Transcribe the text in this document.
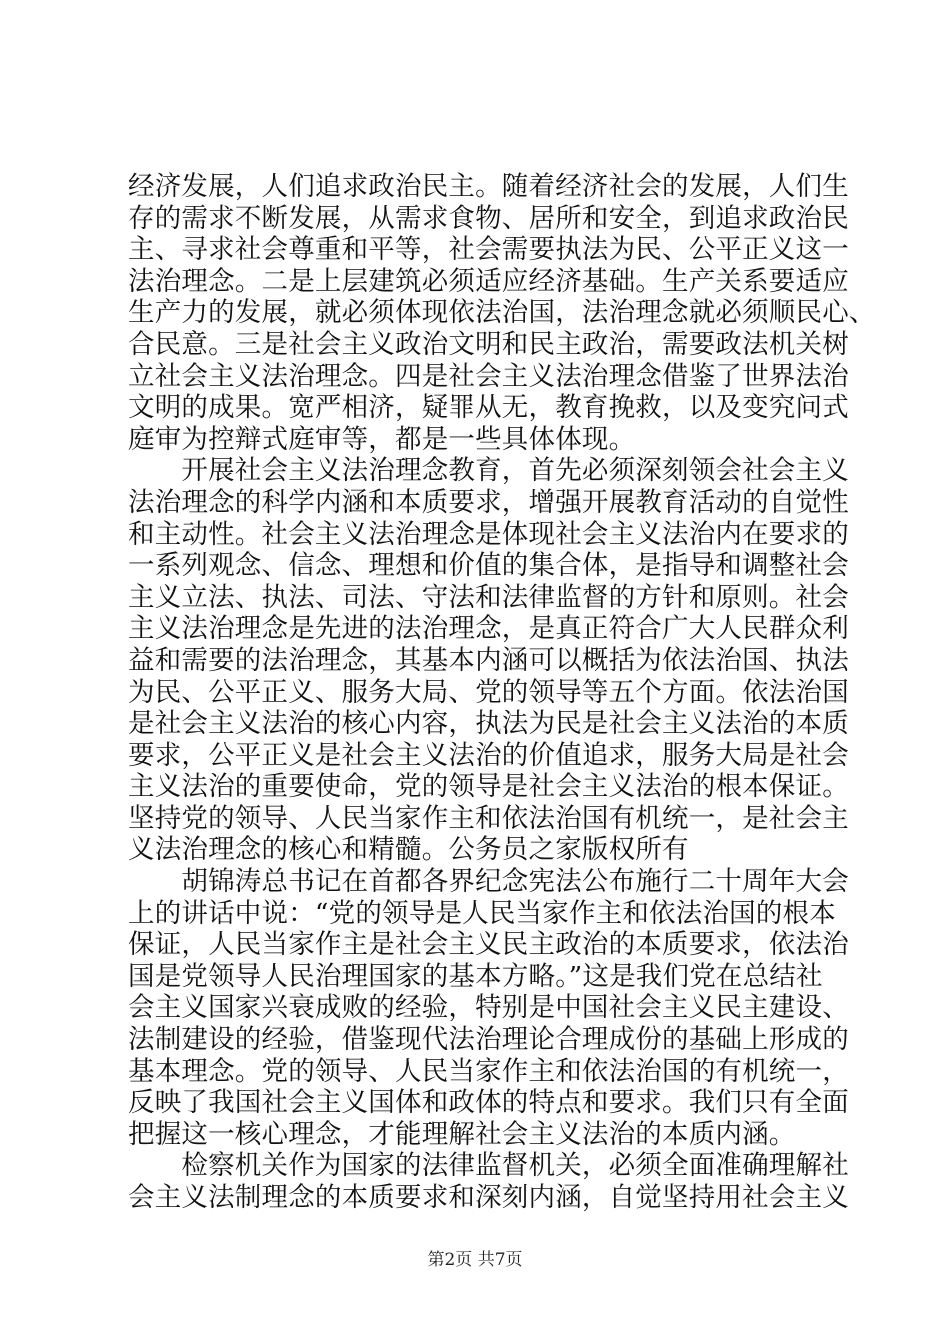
经济发展，人们追求政治民主。随着经济社会的发展，人们生
存的需求不断发展，从需求食物、居所和安全，到追求政治民
主、寻求社会尊重和平等，社会需要执法为民、公平正义这一
法治理念。二是上层建筑必须适应经济基础。生产关系要适应
生产力的发展，就必须体现依法治国，法治理念就必须顺民心、
合民意。三是社会主义政治文明和民主政治，需要政法机关树
立社会主义法治理念。四是社会主义法治理念借鉴了世界法治
文明的成果。宽严相济，疑罪从无，教育挽救，以及变究问式
庭审为控辩式庭审等，都是一些具体体现。
　　开展社会主义法治理念教育，首先必须深刻领会社会主义
法治理念的科学内涵和本质要求，增强开展教育活动的自觉性
和主动性。社会主义法治理念是体现社会主义法治内在要求的
一系列观念、信念、理想和价值的集合体，是指导和调整社会
主义立法、执法、司法、守法和法律监督的方针和原则。社会
主义法治理念是先进的法治理念，是真正符合广大人民群众利
益和需要的法治理念，其基本内涵可以概括为依法治国、执法
为民、公平正义、服务大局、党的领导等五个方面。依法治国
是社会主义法治的核心内容，执法为民是社会主义法治的本质
要求，公平正义是社会主义法治的价值追求，服务大局是社会
主义法治的重要使命，党的领导是社会主义法治的根本保证。
坚持党的领导、人民当家作主和依法治国有机统一，是社会主
义法治理念的核心和精髓。公务员之家版权所有
　　胡锦涛总书记在首都各界纪念宪法公布施行二十周年大会
上的讲话中说：“党的领导是人民当家作主和依法治国的根本
保证，人民当家作主是社会主义民主政治的本质要求，依法治
国是党领导人民治理国家的基本方略。”这是我们党在总结社
会主义国家兴衰成败的经验，特别是中国社会主义民主建设、
法制建设的经验，借鉴现代法治理论合理成份的基础上形成的
基本理念。党的领导、人民当家作主和依法治国的有机统一，
反映了我国社会主义国体和政体的特点和要求。我们只有全面
把握这一核心理念，才能理解社会主义法治的本质内涵。
　　检察机关作为国家的法律监督机关，必须全面准确理解社
会主义法制理念的本质要求和深刻内涵，自觉坚持用社会主义
第2页 共7页
